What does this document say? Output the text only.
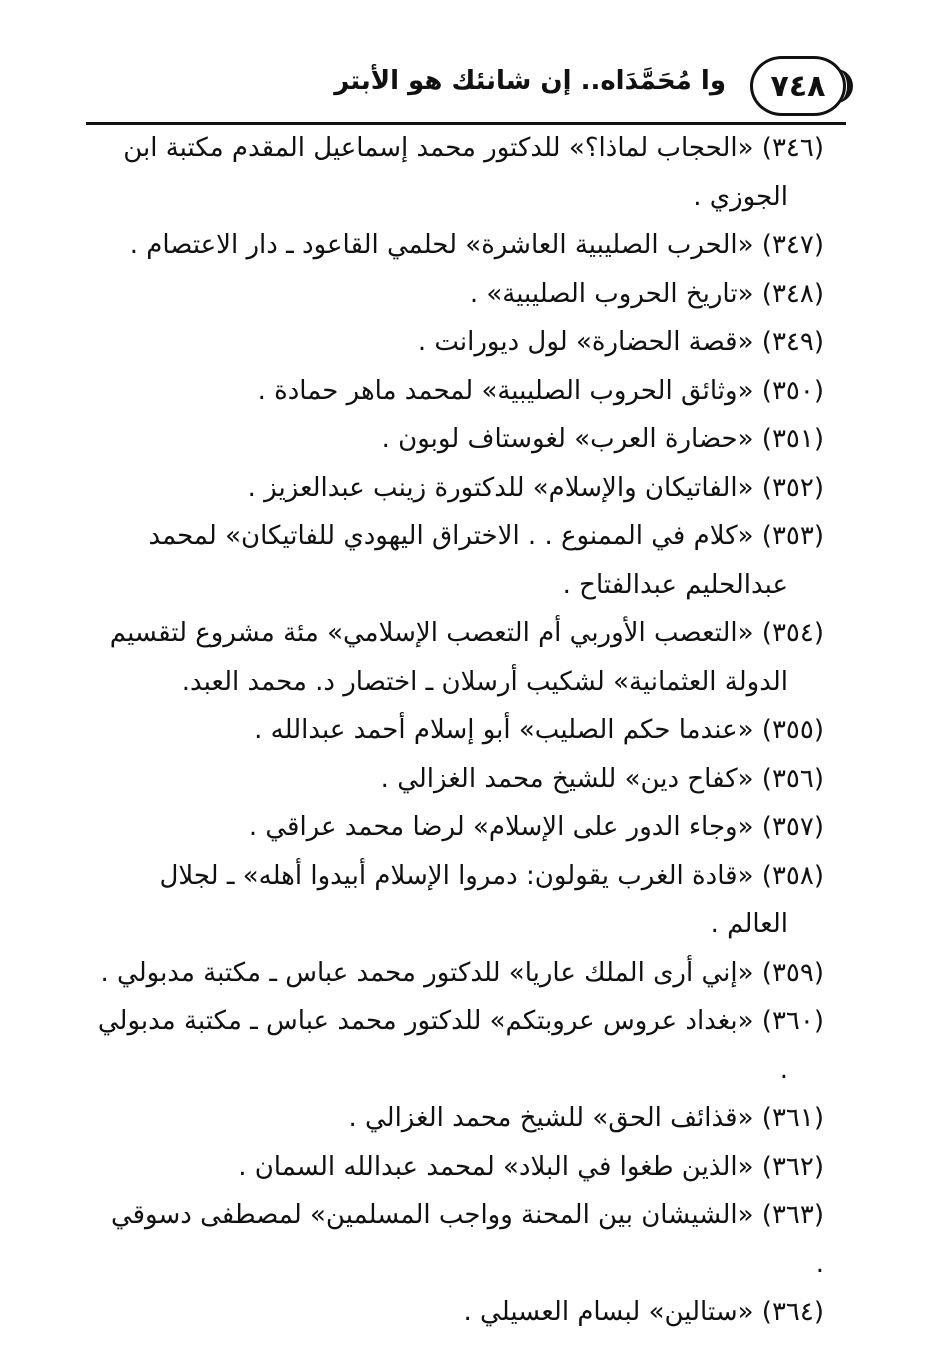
٧٤٨
وا مُحَمَّدَاه.. إن شانئك هو الأبتر

(٣٤٦) «الحجاب لماذا؟» للدكتور محمد إسماعيل المقدم مكتبة ابن الجوزي .

(٣٤٧) «الحرب الصليبية العاشرة» لحلمي القاعود ـ دار الاعتصام .

(٣٤٨) «تاريخ الحروب الصليبية» .

(٣٤٩) «قصة الحضارة» لول ديورانت .

(٣٥٠) «وثائق الحروب الصليبية» لمحمد ماهر حمادة .

(٣٥١) «حضارة العرب» لغوستاف لوبون .

(٣٥٢) «الفاتيكان والإسلام» للدكتورة زينب عبدالعزيز .

(٣٥٣) «كلام في الممنوع . . الاختراق اليهودي للفاتيكان» لمحمد عبدالحليم عبدالفتاح .

(٣٥٤) «التعصب الأوربي أم التعصب الإسلامي» مئة مشروع لتقسيم الدولة العثمانية» لشكيب أرسلان ـ اختصار د. محمد العبد.

(٣٥٥) «عندما حكم الصليب» أبو إسلام أحمد عبدالله .

(٣٥٦) «كفاح دين» للشيخ محمد الغزالي .

(٣٥٧) «وجاء الدور على الإسلام» لرضا محمد عراقي .

(٣٥٨) «قادة الغرب يقولون: دمروا الإسلام أبيدوا أهله» ـ لجلال العالم .

(٣٥٩) «إني أرى الملك عاريا» للدكتور محمد عباس ـ مكتبة مدبولي .

(٣٦٠) «بغداد عروس عروبتكم» للدكتور محمد عباس ـ مكتبة مدبولي .

(٣٦١) «قذائف الحق» للشيخ محمد الغزالي .

(٣٦٢) «الذين طغوا في البلاد» لمحمد عبدالله السمان .

(٣٦٣) «الشيشان بين المحنة وواجب المسلمين» لمصطفى دسوقي .

(٣٦٤) «ستالين» لبسام العسيلي .
